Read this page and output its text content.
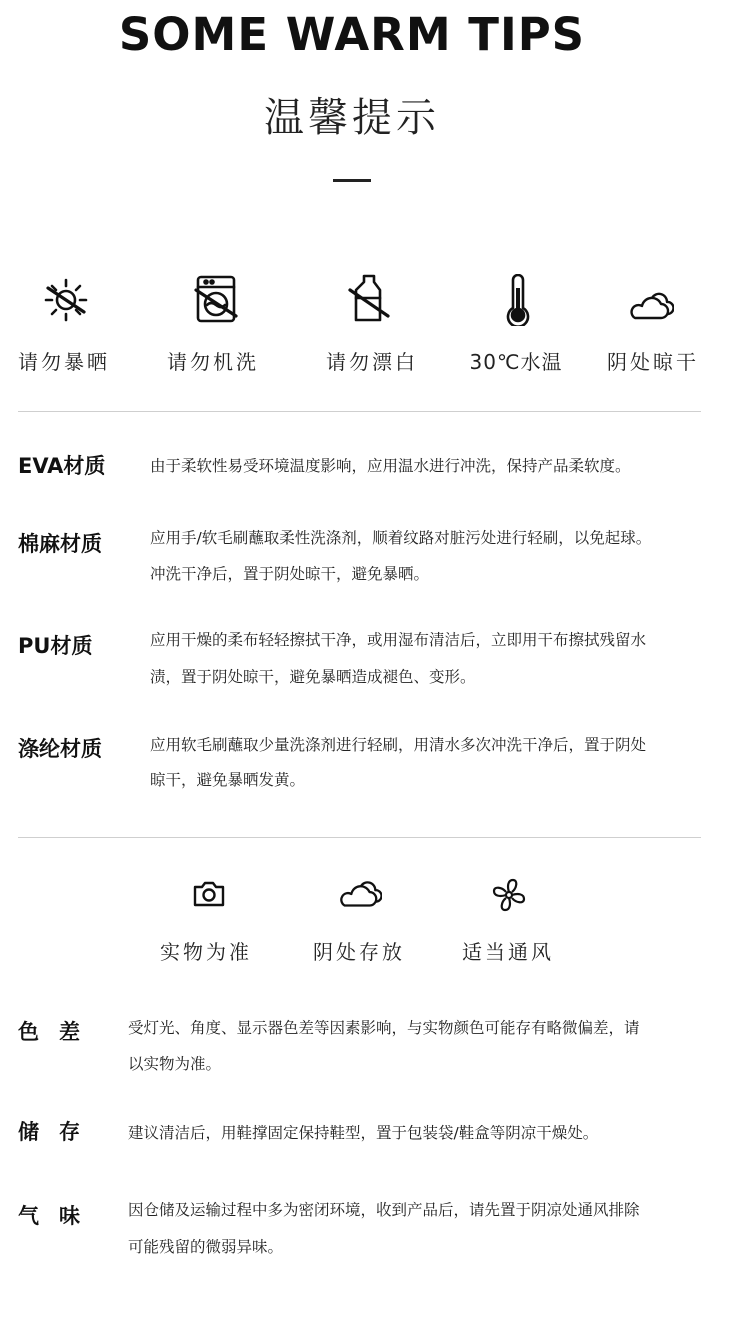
SOME WARM TIPS
温馨提示
请勿暴晒	请勿机洗	请勿漂白	30℃水温 阴处晾干
EVA材质	由于柔软性易受环境温度影响，应用温水进行冲洗，保持产品柔软度。
棉麻材质	应用手/软毛刷蘸取柔性洗涤剂，顺着纹路对脏污处进行轻刷，以免起球。
冲洗干净后，置于阴处晾干，避免暴晒。
PU材质	应用干燥的柔布轻轻擦拭干净，或用湿布清洁后，立即用干布擦拭残留水
渍，置于阴处晾干，避免暴晒造成褪色、变形。
涤纶材质	应用软毛刷蘸取少量洗涤剂进行轻刷，用清水多次冲洗干净后，置于阴处
晾干，避免暴晒发黄。
实物为准	阴处存放	适当通风
色差 受灯光、角度、显示器色差等因素影响，与实物颜色可能存有略微偏差，请
以实物为准。
储存 建议清洁后，用鞋撑固定保持鞋型，置于包装袋/鞋盒等阴凉干燥处。
气味 因仓储及运输过程中多为密闭环境，收到产品后，请先置于阴凉处通风排除
可能残留的微弱异味。
